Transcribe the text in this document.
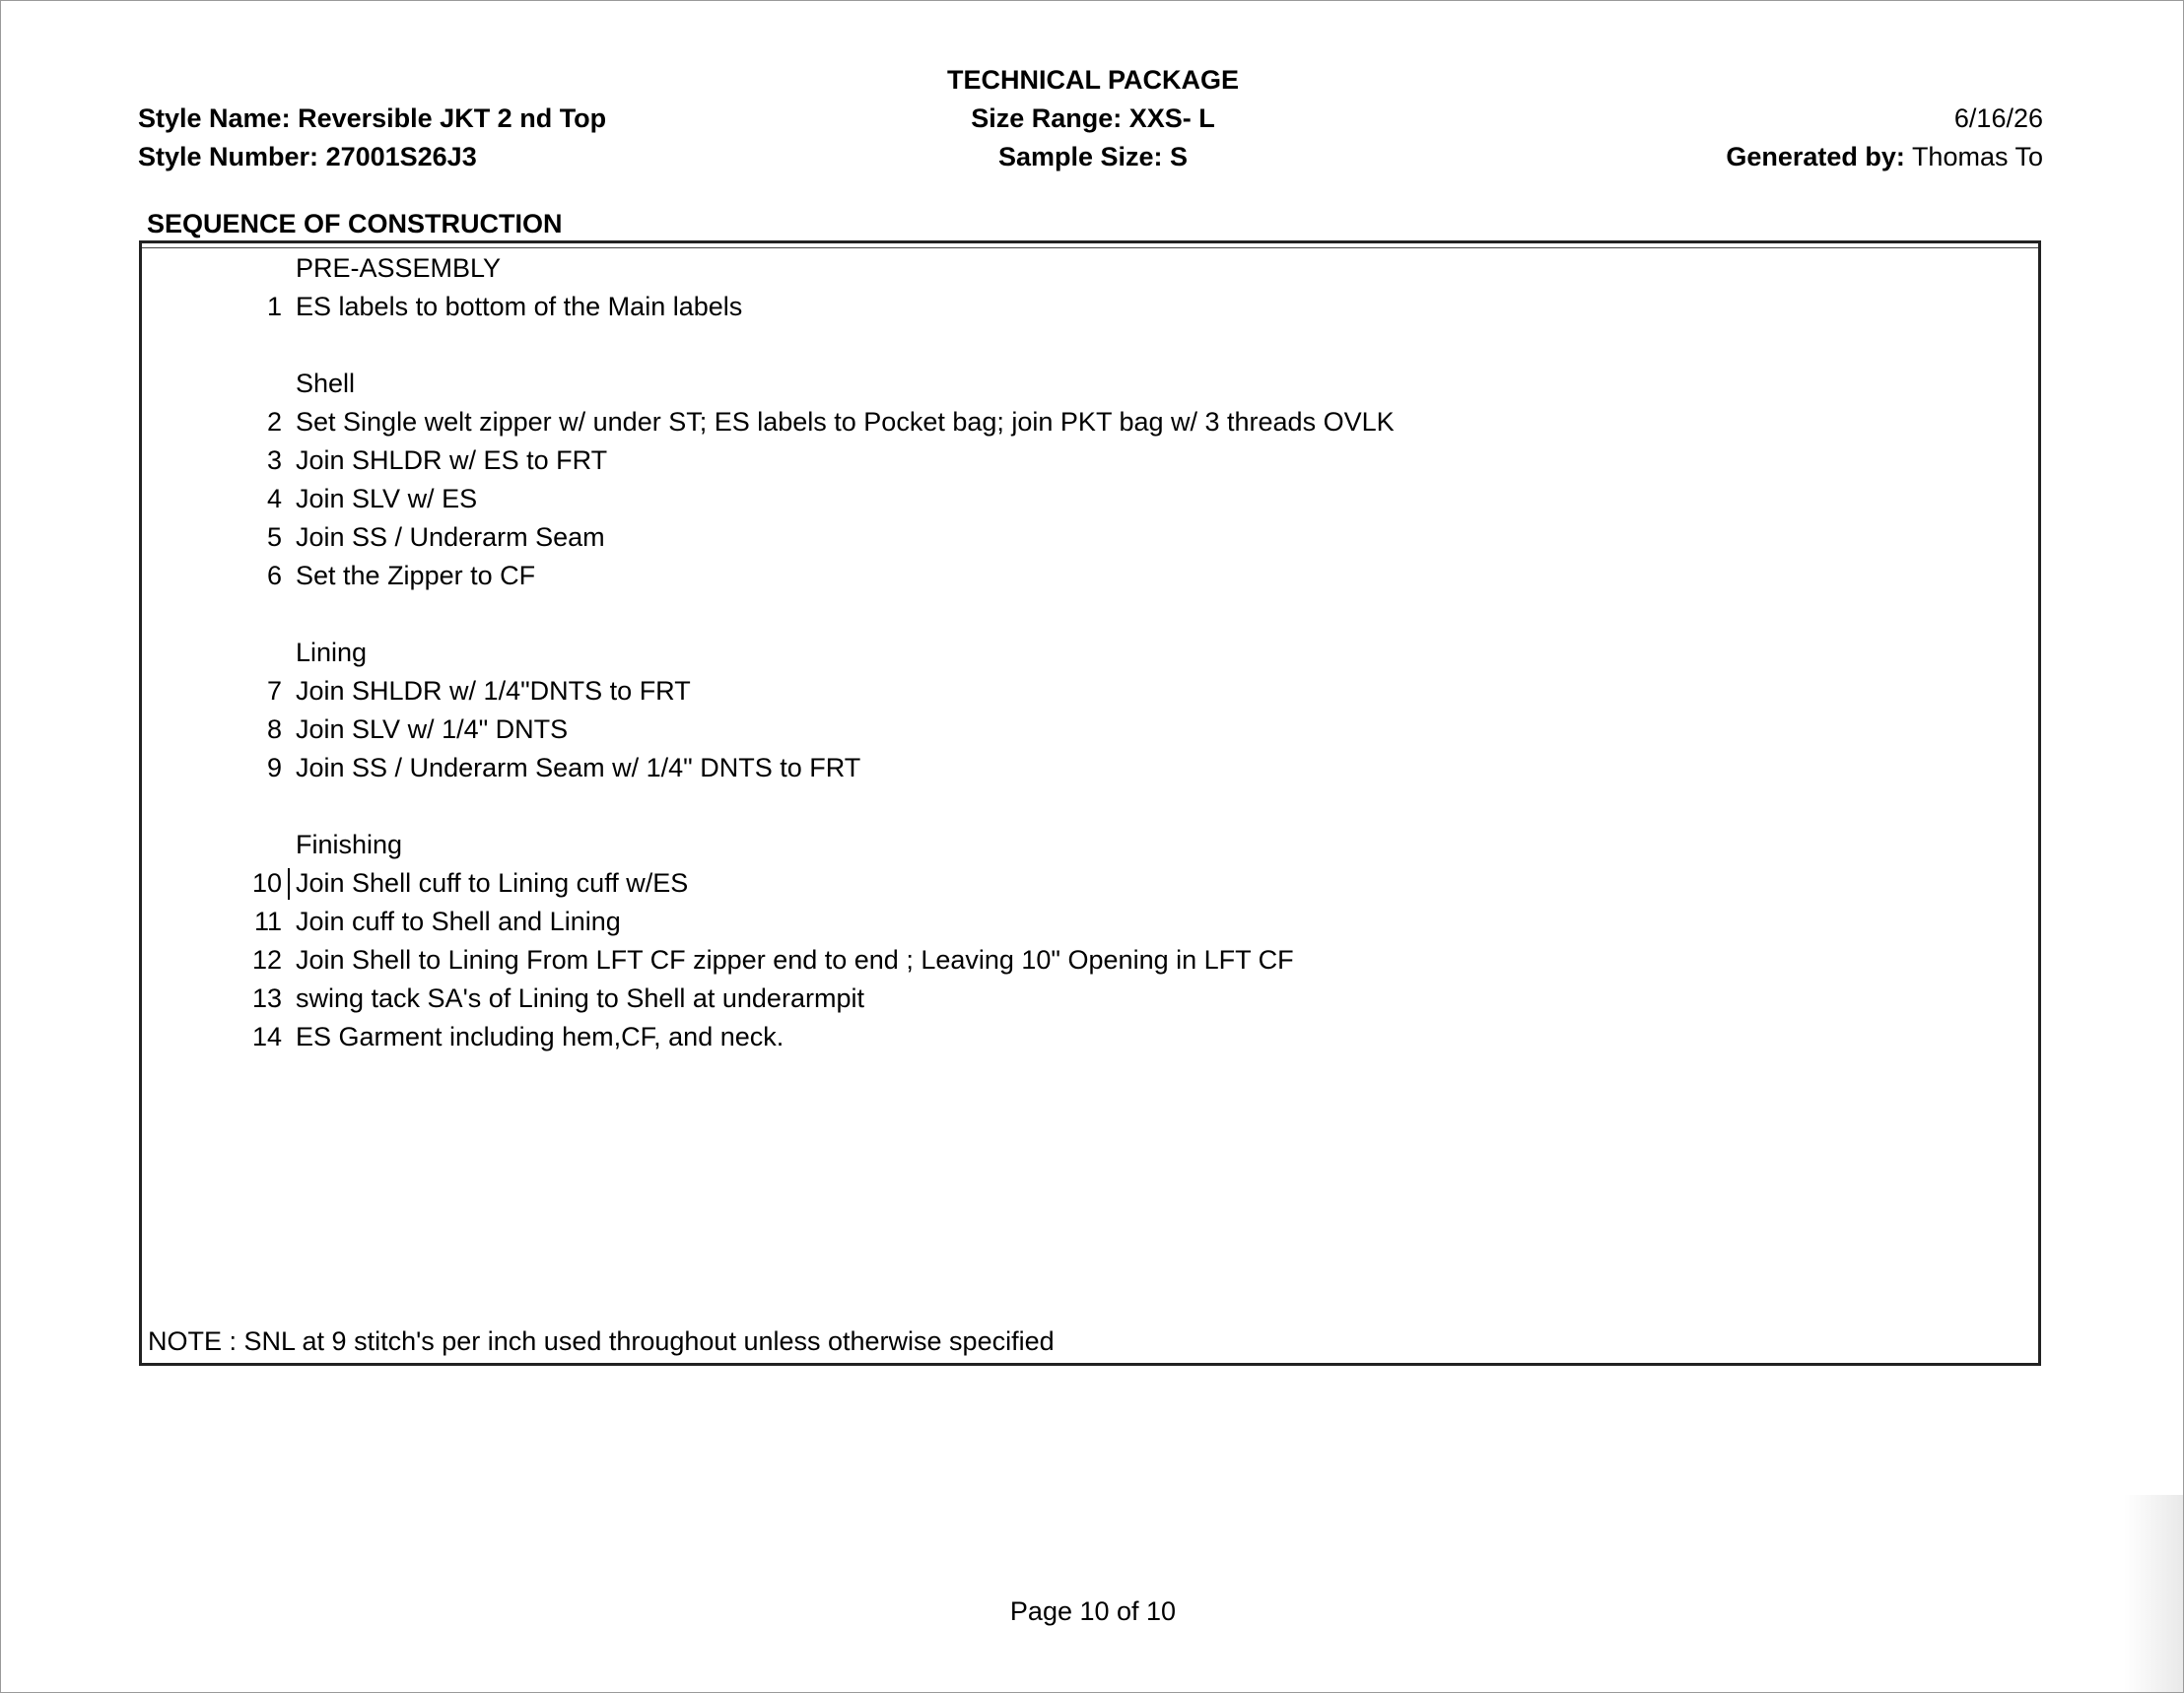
TECHNICAL PACKAGE
Style Name: Reversible JKT 2 nd Top
Style Number: 27001S26J3
Size Range: XXS- L
Sample Size: S
6/16/26
Generated by: Thomas To
SEQUENCE OF CONSTRUCTION
PRE-ASSEMBLY
1 ES labels to bottom of the Main labels
Shell
2 Set Single welt zipper w/ under ST; ES labels to Pocket bag; join PKT bag w/ 3 threads OVLK
3 Join SHLDR w/ ES to FRT
4 Join SLV w/ ES
5 Join SS / Underarm Seam
6 Set the Zipper to CF
Lining
7 Join SHLDR w/ 1/4"DNTS to FRT
8 Join SLV w/ 1/4" DNTS
9 Join SS / Underarm Seam w/ 1/4" DNTS to FRT
Finishing
10 Join Shell cuff to Lining cuff w/ES
11 Join cuff to Shell and Lining
12 Join Shell to Lining From LFT CF zipper end to end ; Leaving 10" Opening in LFT CF
13 swing tack SA's of Lining to Shell at underarmpit
14 ES Garment including hem,CF, and neck.
NOTE : SNL at 9 stitch's per inch used throughout unless otherwise specified
Page 10 of 10
